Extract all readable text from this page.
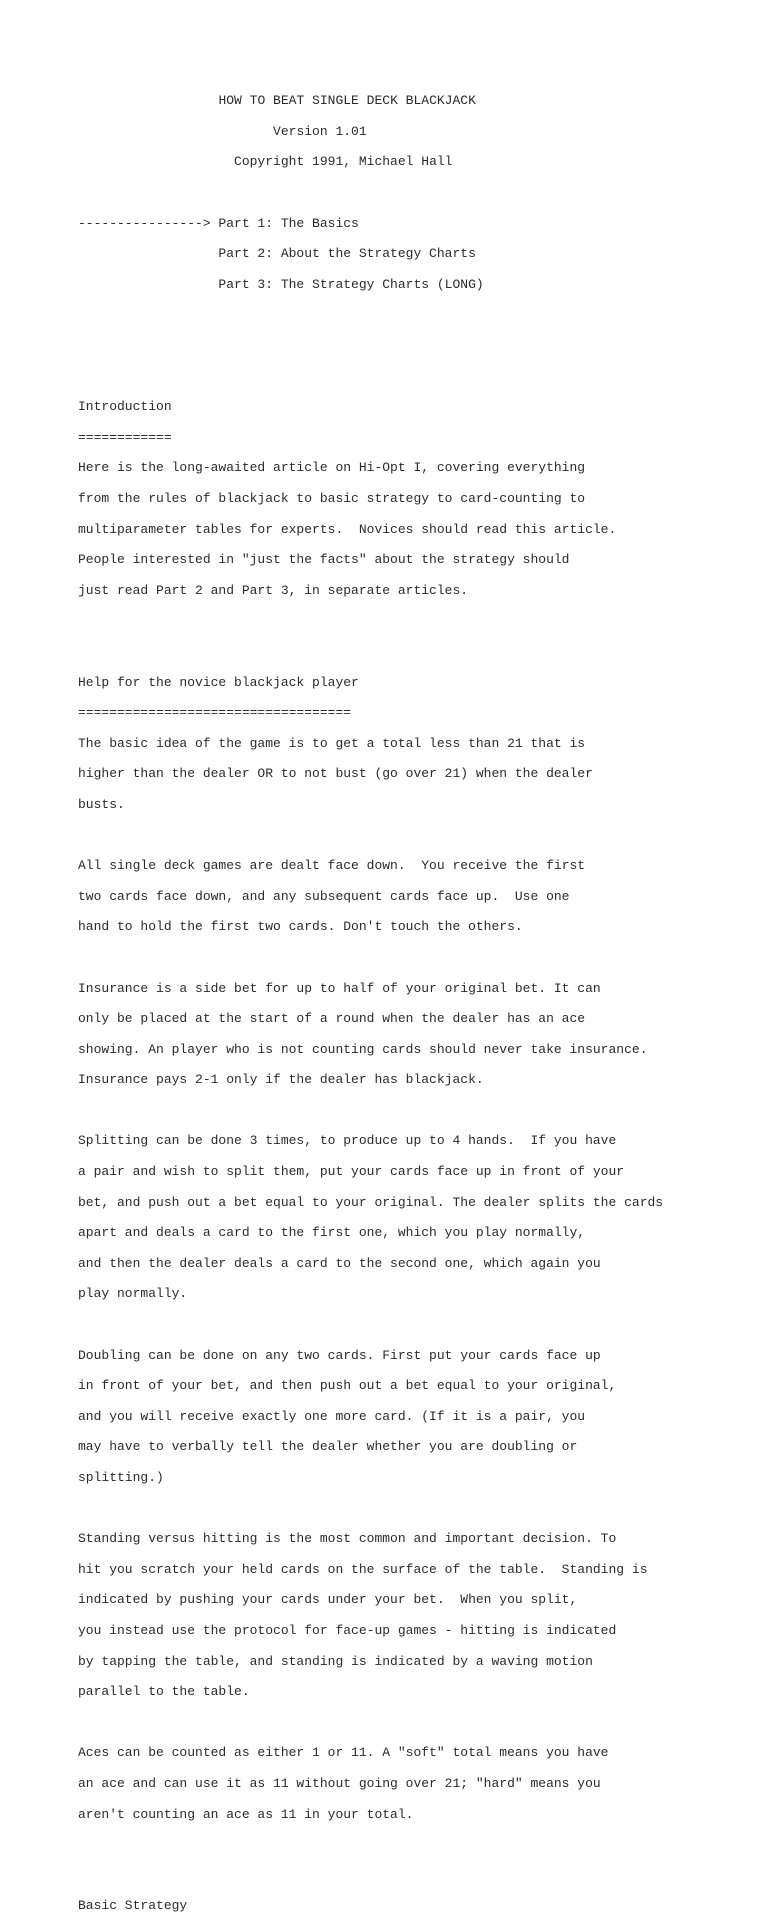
HOW TO BEAT SINGLE DECK BLACKJACK

Version 1.01

Copyright 1991, Michael Hall

----------------> Part 1: The Basics

Part 2: About the Strategy Charts

Part 3: The Strategy Charts (LONG)

Introduction

============

Here is the long-awaited article on Hi-Opt I, covering everything

from the rules of blackjack to basic strategy to card-counting to

multiparameter tables for experts.  Novices should read this article.

People interested in "just the facts" about the strategy should

just read Part 2 and Part 3, in separate articles.

Help for the novice blackjack player

===================================

The basic idea of the game is to get a total less than 21 that is

higher than the dealer OR to not bust (go over 21) when the dealer

busts.

All single deck games are dealt face down.  You receive the first

two cards face down, and any subsequent cards face up.  Use one

hand to hold the first two cards. Don't touch the others.

Insurance is a side bet for up to half of your original bet. It can

only be placed at the start of a round when the dealer has an ace

showing. An player who is not counting cards should never take insurance.

Insurance pays 2-1 only if the dealer has blackjack.

Splitting can be done 3 times, to produce up to 4 hands.  If you have

a pair and wish to split them, put your cards face up in front of your

bet, and push out a bet equal to your original. The dealer splits the cards

apart and deals a card to the first one, which you play normally,

and then the dealer deals a card to the second one, which again you

play normally.

Doubling can be done on any two cards. First put your cards face up

in front of your bet, and then push out a bet equal to your original,

and you will receive exactly one more card. (If it is a pair, you

may have to verbally tell the dealer whether you are doubling or

splitting.)

Standing versus hitting is the most common and important decision. To

hit you scratch your held cards on the surface of the table.  Standing is

indicated by pushing your cards under your bet.  When you split,

you instead use the protocol for face-up games - hitting is indicated

by tapping the table, and standing is indicated by a waving motion

parallel to the table.

Aces can be counted as either 1 or 11. A "soft" total means you have

an ace and can use it as 11 without going over 21; "hard" means you

aren't counting an ace as 11 in your total.

Basic Strategy
